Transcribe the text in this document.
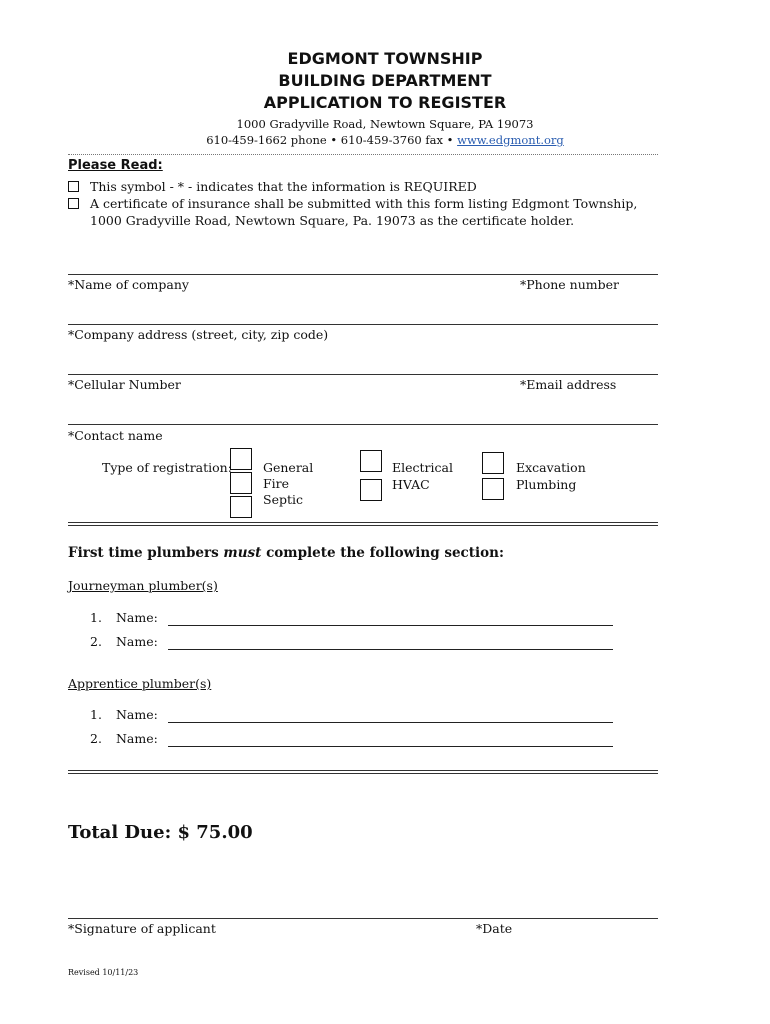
EDGMONT TOWNSHIP
BUILDING DEPARTMENT
APPLICATION TO REGISTER
1000 Gradyville Road, Newtown Square, PA 19073
610-459-1662 phone • 610-459-3760 fax • www.edgmont.org
Please Read:
This symbol - * - indicates that the information is REQUIRED
A certificate of insurance shall be submitted with this form listing Edgmont Township, 1000 Gradyville Road, Newtown Square, Pa. 19073 as the certificate holder.
*Name of company	*Phone number
*Company address (street, city, zip code)
*Cellular Number	*Email address
*Contact name
Type of registration: General
Fire
Septic
Electrical
HVAC
Excavation
Plumbing
First time plumbers must complete the following section:
Journeyman plumber(s)
1. Name:
2. Name:
Apprentice plumber(s)
1. Name:
2. Name:
Total Due: $ 75.00
*Signature of applicant	*Date
Revised 10/11/23
